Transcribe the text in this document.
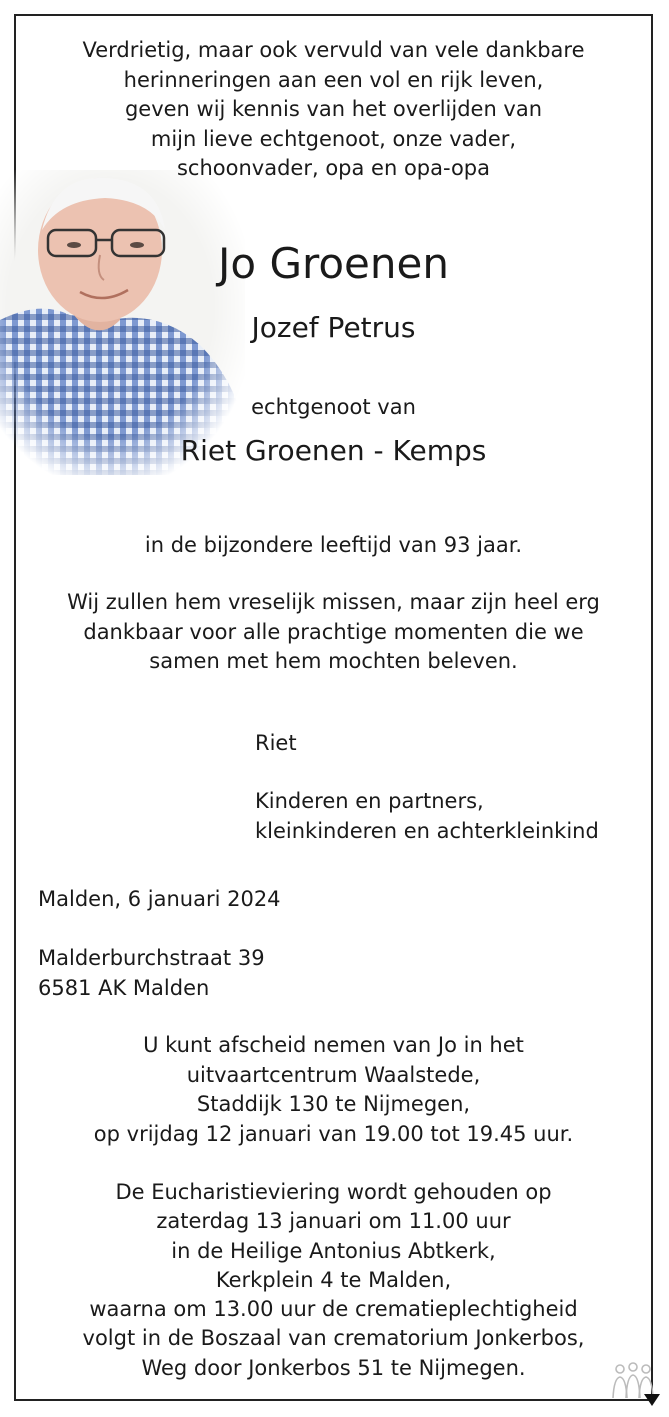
Verdrietig, maar ook vervuld van vele dankbare
herinneringen aan een vol en rijk leven,
geven wij kennis van het overlijden van
mijn lieve echtgenoot, onze vader,
schoonvader, opa en opa-opa
Jo Groenen
Jozef Petrus
echtgenoot van
Riet Groenen - Kemps
in de bijzondere leeftijd van 93 jaar.
Wij zullen hem vreselijk missen, maar zijn heel erg
dankbaar voor alle prachtige momenten die we
samen met hem mochten beleven.
Riet
Kinderen en partners,
kleinkinderen en achterkleinkind
Malden, 6 januari 2024
Malderburchstraat 39
6581 AK Malden
U kunt afscheid nemen van Jo in het
uitvaartcentrum Waalstede,
Staddijk 130 te Nijmegen,
op vrijdag 12 januari van 19.00 tot 19.45 uur.
De Eucharistieviering wordt gehouden op
zaterdag 13 januari om 11.00 uur
in de Heilige Antonius Abtkerk,
Kerkplein 4 te Malden,
waarna om 13.00 uur de crematieplechtigheid
volgt in de Boszaal van crematorium Jonkerbos,
Weg door Jonkerbos 51 te Nijmegen.
